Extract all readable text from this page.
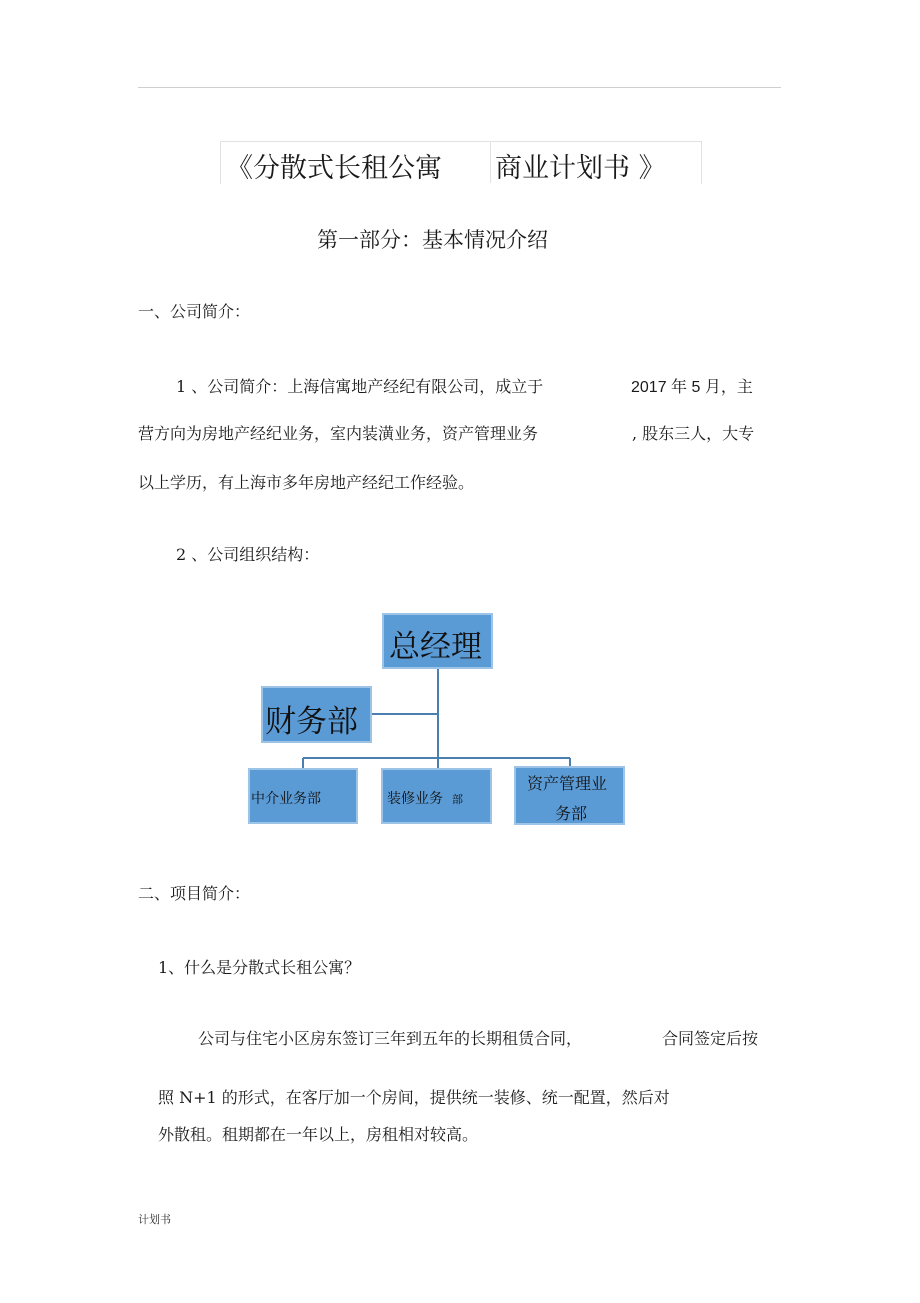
《分散式长租公寓 商业计划书 》
第一部分：基本情况介绍
一、公司简介：
1 、公司简介：上海信寓地产经纪有限公司，成立于	2017 年 5 月，主
营方向为房地产经纪业务，室内装潢业务，资产管理业务	, 股东三人，大专
以上学历，有上海市多年房地产经纪工作经验。
2 、公司组织结构：
总经理
财务部
中介业务部	装修业务 部
资产管理业
务部
二、项目简介：
1、什么是分散式长租公寓？
公司与住宅小区房东签订三年到五年的长期租赁合同，	合同签定后按
照 N+1 的形式，在客厅加一个房间，提供统一装修、统一配置，然后对
外散租。租期都在一年以上，房租相对较高。
计划书
